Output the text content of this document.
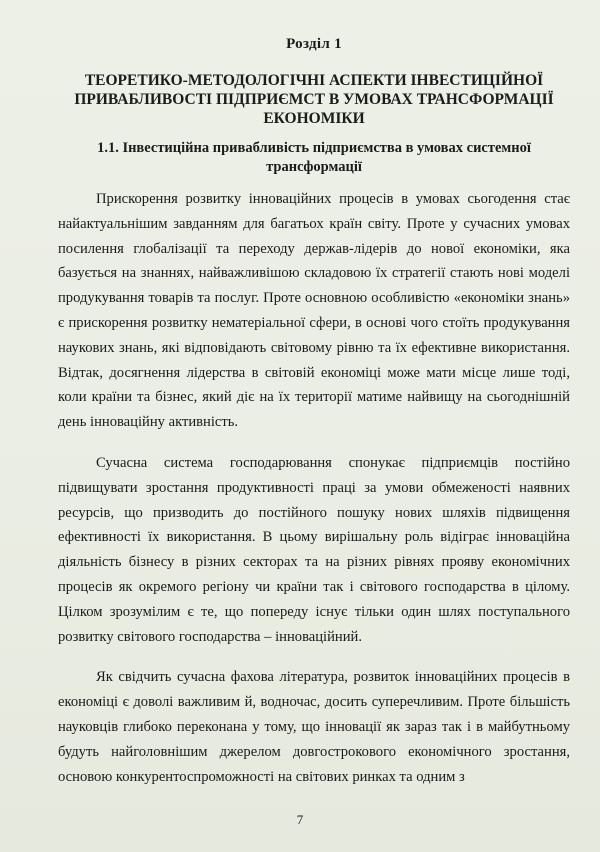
Розділ 1
ТЕОРЕТИКО-МЕТОДОЛОГІЧНІ АСПЕКТИ ІНВЕСТИЦІЙНОЇ ПРИВАБЛИВОСТІ ПІДПРИЄМСТ В УМОВАХ ТРАНСФОРМАЦІЇ ЕКОНОМІКИ
1.1. Інвестиційна привабливість підприємства в умовах системної трансформації

Прискорення розвитку інноваційних процесів в умовах сьогодення стає найактуальнішим завданням для багатьох країн світу. Проте у сучасних умовах посилення глобалізації та переходу держав-лідерів до нової економіки, яка базується на знаннях, найважливішою складовою їх стратегії стають нові моделі продукування товарів та послуг. Проте основною особливістю «економіки знань» є прискорення розвитку нематеріальної сфери, в основі чого стоїть продукування наукових знань, які відповідають світовому рівню та їх ефективне використання. Відтак, досягнення лідерства в світовій економіці може мати місце лише тоді, коли країни та бізнес, який діє на їх території матиме найвищу на сьогоднішній день інноваційну активність.

Сучасна система господарювання спонукає підприємців постійно підвищувати зростання продуктивності праці за умови обмеженості наявних ресурсів, що призводить до постійного пошуку нових шляхів підвищення ефективності їх використання. В цьому вирішальну роль відіграє інноваційна діяльність бізнесу в різних секторах та на різних рівнях прояву економічних процесів як окремого регіону чи країни так і світового господарства в цілому. Цілком зрозумілим є те, що попереду існує тільки один шлях поступального розвитку світового господарства – інноваційний.

Як свідчить сучасна фахова література, розвиток інноваційних процесів в економіці є доволі важливим й, водночас, досить суперечливим. Проте більшість науковців глибоко переконана у тому, що інновації як зараз так і в майбутньому будуть найголовнішим джерелом довгострокового економічного зростання, основою конкурентоспроможності на світових ринках та одним з

7
